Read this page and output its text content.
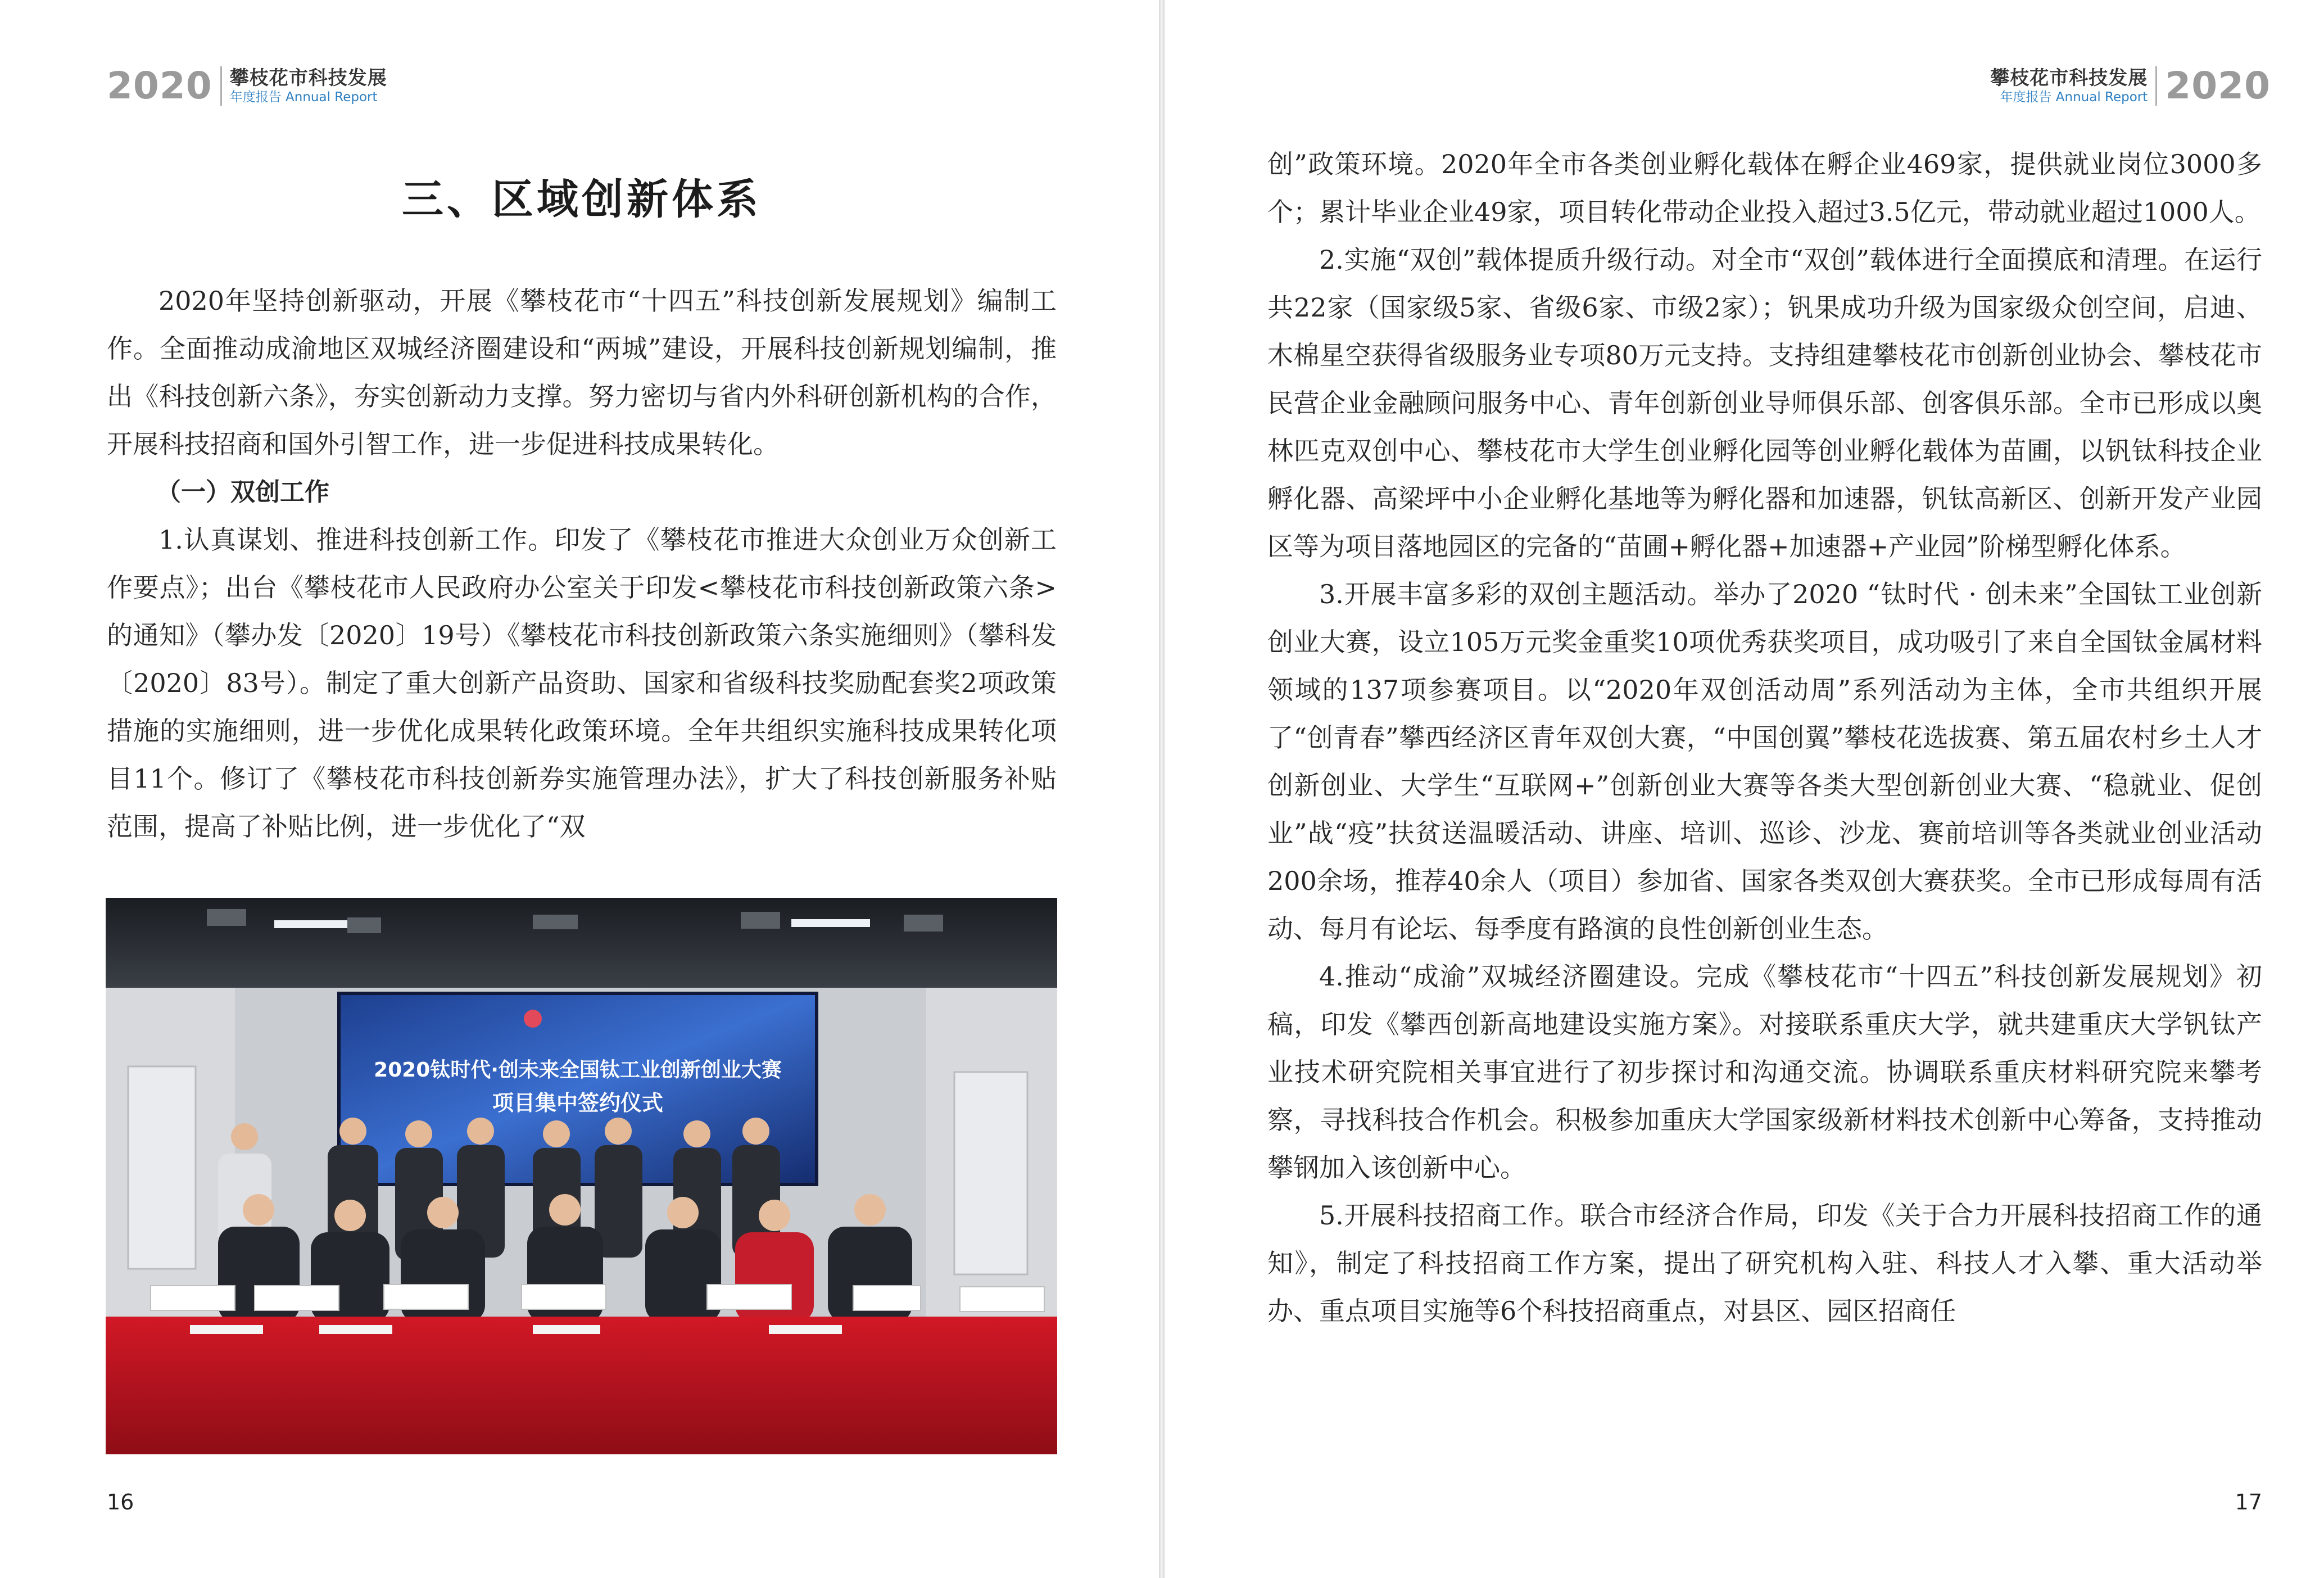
2020 攀枝花市科技发展
年度报告 Annual Report
三、区域创新体系

2020年坚持创新驱动，开展《攀枝花市“十四五”科技创新发展规划》编制工作。全面推动成渝地区双城经济圈建设和“两城”建设，开展科技创新规划编制，推出《科技创新六条》，夯实创新动力支撑。努力密切与省内外科研创新机构的合作，开展科技招商和国外引智工作，进一步促进科技成果转化。

（一）双创工作

1.认真谋划、推进科技创新工作。印发了《攀枝花市推进大众创业万众创新工作要点》；出台《攀枝花市人民政府办公室关于印发<攀枝花市科技创新政策六条>的通知》（攀办发〔2020〕19号）《攀枝花市科技创新政策六条实施细则》（攀科发〔2020〕83号）。制定了重大创新产品资助、国家和省级科技奖励配套奖2项政策措施的实施细则，进一步优化成果转化政策环境。全年共组织实施科技成果转化项目11个。修订了《攀枝花市科技创新券实施管理办法》，扩大了科技创新服务补贴范围，提高了补贴比例，进一步优化了“双

2020钛时代·创未来全国钛工业创新创业大赛
项目集中签约仪式
16
攀枝花市科技发展
年度报告 Annual Report 2020

创”政策环境。2020年全市各类创业孵化载体在孵企业469家，提供就业岗位3000多个；累计毕业企业49家，项目转化带动企业投入超过3.5亿元，带动就业超过1000人。

2.实施“双创”载体提质升级行动。对全市“双创”载体进行全面摸底和清理。在运行共22家（国家级5家、省级6家、市级2家）；钒果成功升级为国家级众创空间，启迪、木棉星空获得省级服务业专项80万元支持。支持组建攀枝花市创新创业协会、攀枝花市民营企业金融顾问服务中心、青年创新创业导师俱乐部、创客俱乐部。全市已形成以奥林匹克双创中心、攀枝花市大学生创业孵化园等创业孵化载体为苗圃，以钒钛科技企业孵化器、高梁坪中小企业孵化基地等为孵化器和加速器，钒钛高新区、创新开发产业园区等为项目落地园区的完备的“苗圃+孵化器+加速器+产业园”阶梯型孵化体系。

3.开展丰富多彩的双创主题活动。举办了2020 “钛时代 · 创未来”全国钛工业创新创业大赛，设立105万元奖金重奖10项优秀获奖项目，成功吸引了来自全国钛金属材料领域的137项参赛项目。以“2020年双创活动周”系列活动为主体，全市共组织开展了“创青春”攀西经济区青年双创大赛，“中国创翼”攀枝花选拔赛、第五届农村乡土人才创新创业、大学生“互联网+”创新创业大赛等各类大型创新创业大赛、“稳就业、促创业”战“疫”扶贫送温暖活动、讲座、培训、巡诊、沙龙、赛前培训等各类就业创业活动200余场，推荐40余人（项目）参加省、国家各类双创大赛获奖。全市已形成每周有活动、每月有论坛、每季度有路演的良性创新创业生态。

4.推动“成渝”双城经济圈建设。完成《攀枝花市“十四五”科技创新发展规划》初稿，印发《攀西创新高地建设实施方案》。对接联系重庆大学，就共建重庆大学钒钛产业技术研究院相关事宜进行了初步探讨和沟通交流。协调联系重庆材料研究院来攀考察，寻找科技合作机会。积极参加重庆大学国家级新材料技术创新中心筹备，支持推动攀钢加入该创新中心。

5.开展科技招商工作。联合市经济合作局，印发《关于合力开展科技招商工作的通知》，制定了科技招商工作方案，提出了研究机构入驻、科技人才入攀、重大活动举办、重点项目实施等6个科技招商重点，对县区、园区招商任

17
